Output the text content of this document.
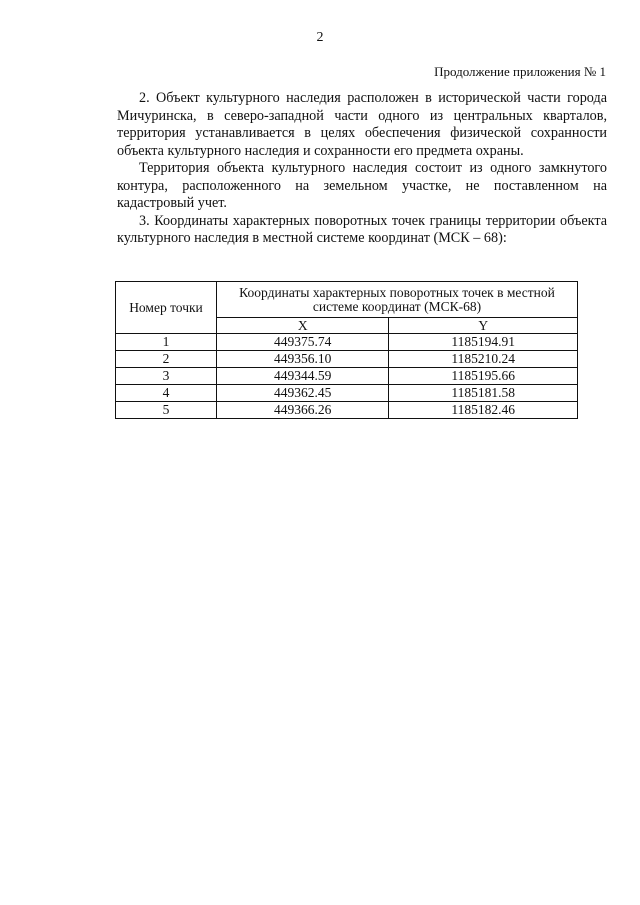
2
Продолжение приложения № 1

2. Объект культурного наследия расположен в исторической части города Мичуринска, в северо-западной части одного из центральных кварталов, территория устанавливается в целях обеспечения физической сохранности объекта культурного наследия и сохранности его предмета охраны.

Территория объекта культурного наследия состоит из одного замкнутого контура, расположенного на земельном участке, не поставленном на кадастровый учет.

3. Координаты характерных поворотных точек границы территории объекта культурного наследия в местной системе координат (МСК – 68):

Номер точки	Координаты характерных поворотных точек в местной системе координат (МСК-68)	
	X	Y
1	449375.74	1185194.91
2	449356.10	1185210.24
3	449344.59	1185195.66
4	449362.45	1185181.58
5	449366.26	1185182.46
